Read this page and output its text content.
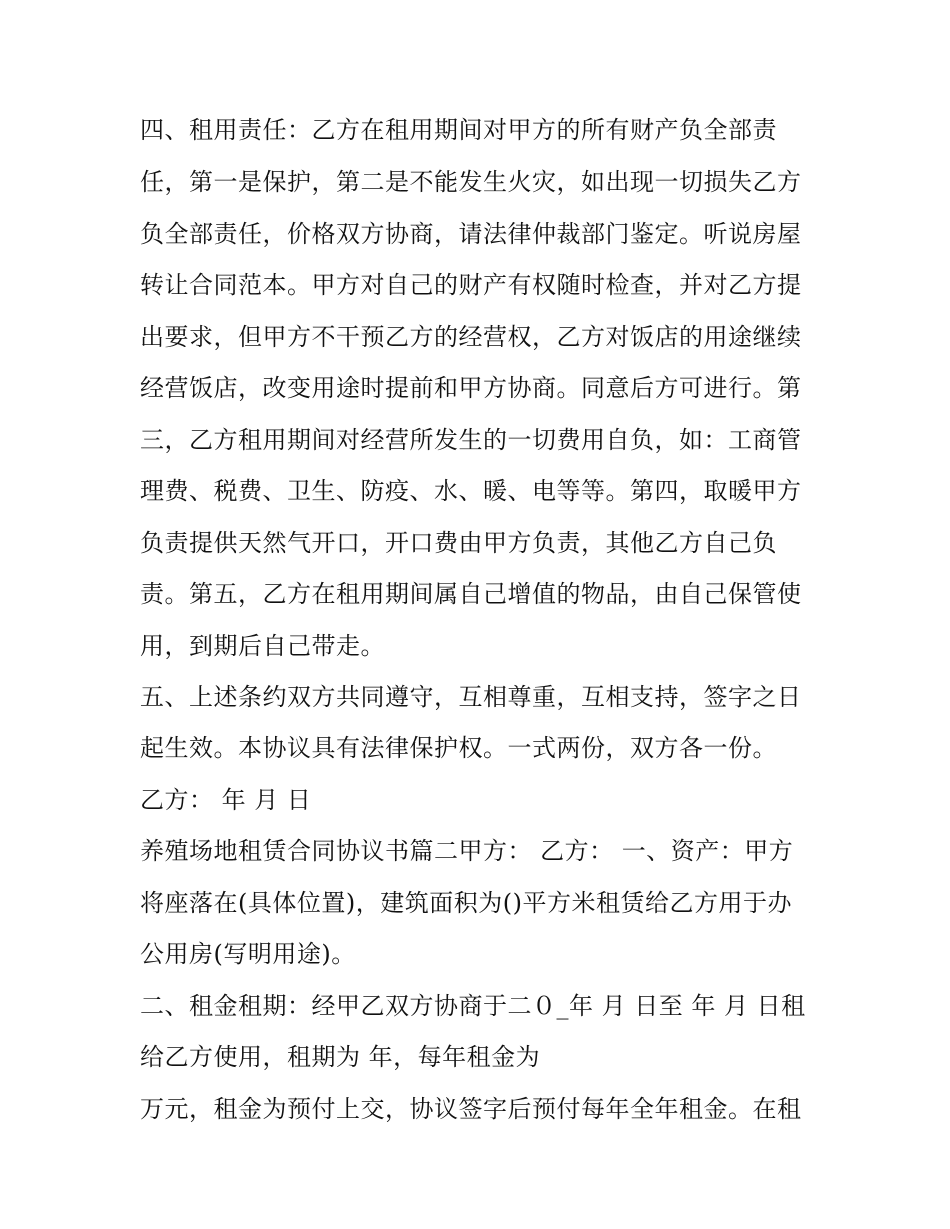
四、租用责任：乙方在租用期间对甲方的所有财产负全部责
任，第一是保护，第二是不能发生火灾，如出现一切损失乙方
负全部责任，价格双方协商，请法律仲裁部门鉴定。听说房屋
转让合同范本。甲方对自己的财产有权随时检查，并对乙方提
出要求，但甲方不干预乙方的经营权，乙方对饭店的用途继续
经营饭店，改变用途时提前和甲方协商。同意后方可进行。第
三，乙方租用期间对经营所发生的一切费用自负，如：工商管
理费、税费、卫生、防疫、水、暖、电等等。第四，取暖甲方
负责提供天然气开口，开口费由甲方负责，其他乙方自己负
责。第五，乙方在租用期间属自己增值的物品，由自己保管使
用，到期后自己带走。
五、上述条约双方共同遵守，互相尊重，互相支持，签字之日
起生效。本协议具有法律保护权。一式两份，双方各一份。
乙方： 年 月 日
养殖场地租赁合同协议书篇二甲方： 乙方： 一、资产：甲方
将座落在(具体位置)，建筑面积为()平方米租赁给乙方用于办
公用房(写明用途)。
二、租金租期：经甲乙双方协商于二０_年 月 日至 年 月 日租
给乙方使用，租期为 年，每年租金为
万元，租金为预付上交，协议签字后预付每年全年租金。在租
